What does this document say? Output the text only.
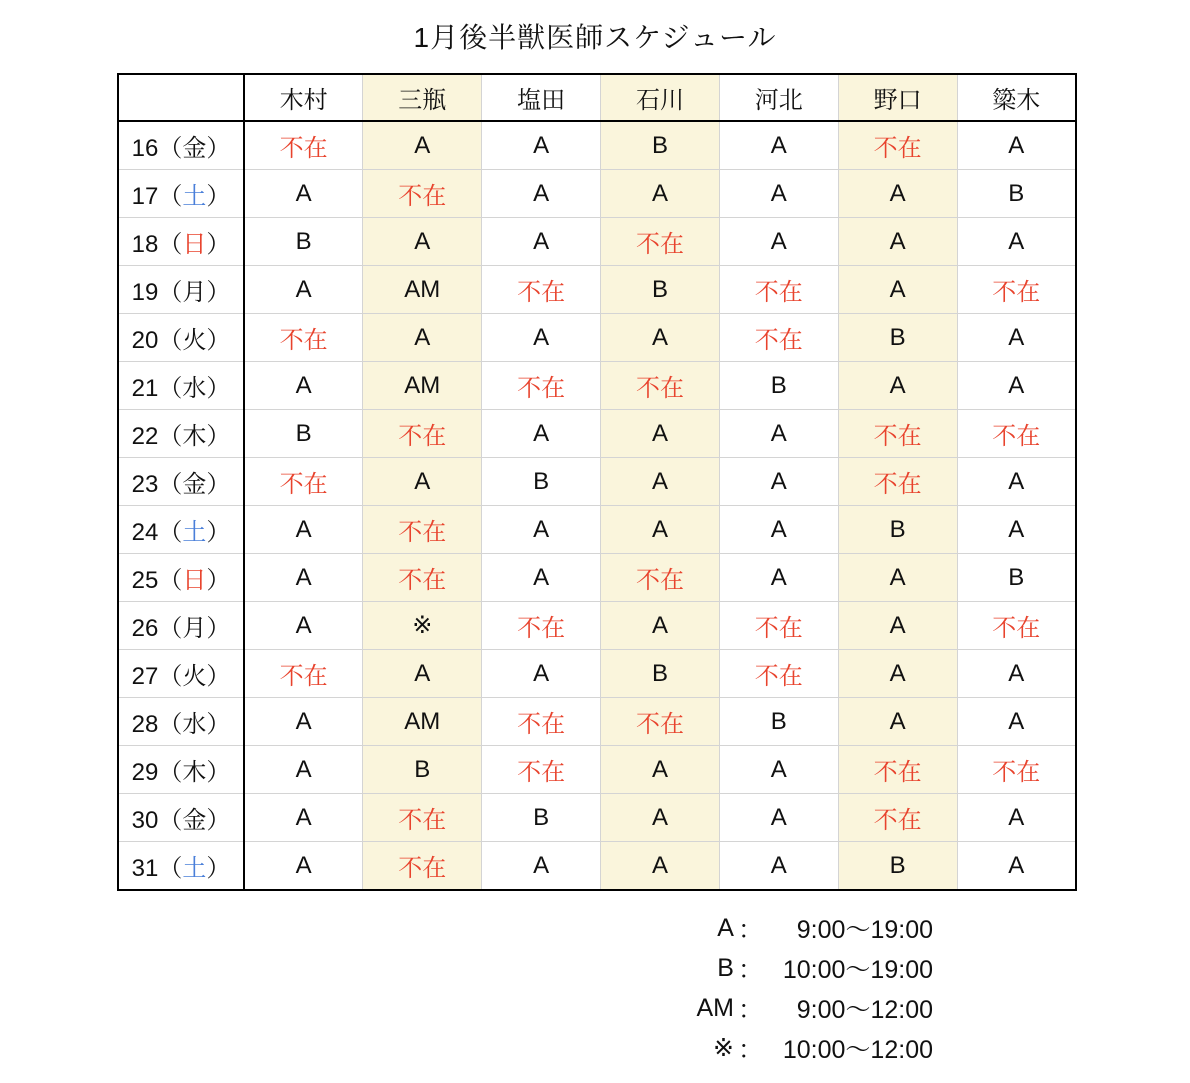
1月後半獣医師スケジュール
	木村	三瓶	塩田	石川	河北	野口	簗木
16（金）	不在	A	A	B	A	不在	A
17（土）	A	不在	A	A	A	A	B
18（日）	B	A	A	不在	A	A	A
19（月）	A	AM	不在	B	不在	A	不在
20（火）	不在	A	A	A	不在	B	A
21（水）	A	AM	不在	不在	B	A	A
22（木）	B	不在	A	A	A	不在	不在
23（金）	不在	A	B	A	A	不在	A
24（土）	A	不在	A	A	A	B	A
25（日）	A	不在	A	不在	A	A	B
26（月）	A	※	不在	A	不在	A	不在
27（火）	不在	A	A	B	不在	A	A
28（水）	A	AM	不在	不在	B	A	A
29（木）	A	B	不在	A	A	不在	不在
30（金）	A	不在	B	A	A	不在	A
31（土）	A	不在	A	A	A	B	A
A ：	9:00〜19:00
B ： 10:00〜19:00
AM ：	9:00〜12:00
※ ： 10:00〜12:00
